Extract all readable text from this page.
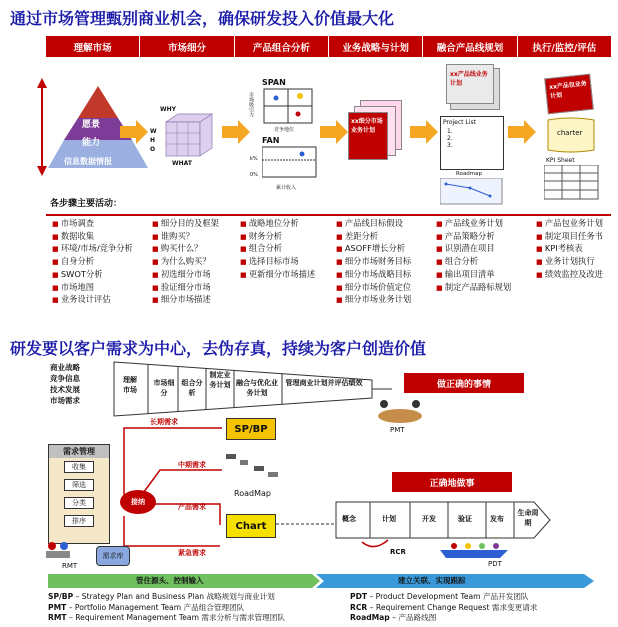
通过市场管理甄别商业机会，确保研发投入价值最大化
理解市场	市场细分	产品组合分析	业务战略与计划	融合产品线规划	执行/监控/评估
愿景
能力
信息数据情报
WHY
W
H
O
WHAT
SPAN
竞争地位
市场吸引力
FAN
k%
0%
累计收入
xx细分市场业务计划
xx产品线业务计划
Project List
1.
2.
3.
Roadmap
xx产品包业务计划
charter
KPI Sheet
各步骤主要活动：
■ 市场调查
■ 数据收集
■ 环境/市场/竞争分析
■ 自身分析
■ SWOT分析
■ 市场地图
■ 业务设计评估
■ 细分目的及框架
■ 谁购买？
■ 购买什么？
■ 为什么购买？
■ 初选细分市场
■ 验证细分市场
■ 细分市场描述
■ 战略地位分析
■ 财务分析
■ 组合分析
■ 选择目标市场
■ 更新细分市场描述
■ 产品线目标假设
■ 差距分析
■ ASOFF增长分析
■ 细分市场财务目标
■ 细分市场战略目标
■ 细分市场价值定位
■ 细分市场业务计划
■ 产品线业务计划
■ 产品策略分析
■ 识别潜在项目
■ 组合分析
■ 输出项目清单
■ 制定产品路标规划
■ 产品包业务计划
■ 制定项目任务书
■ KPI考核表
■ 业务计划执行
■ 绩效监控及改进
研发要以客户需求为中心，去伪存真，持续为客户创造价值
商业战略
竞争信息
技术发展
市场需求
理解市场
市场细分
组合分析
制定业务计划 融合与优化业务计划
管理商业计划并评估绩效	做正确的事情
PMT
长期需求
SP/BP
中期需求
RoadMap
产品需求
Chart
紧急需求
接纳
需求管理
收集
筛选
分类
排序
RMT
需求库
正确地做事
概念	计划	开发	验证	发布
生命周期
RCR
PDT
管住源头、控制输入	建立关联、实现跟踪
SP/BP – Strategy Plan and Business Plan 战略规划与商业计划
PMT – Portfolio Management Team 产品组合管理团队
RMT – Requirement Management Team 需求分析与需求管理团队
PDT – Product Development Team 产品开发团队
RCR – Requirement Change Request 需求变更请求
RoadMap – 产品路线图
